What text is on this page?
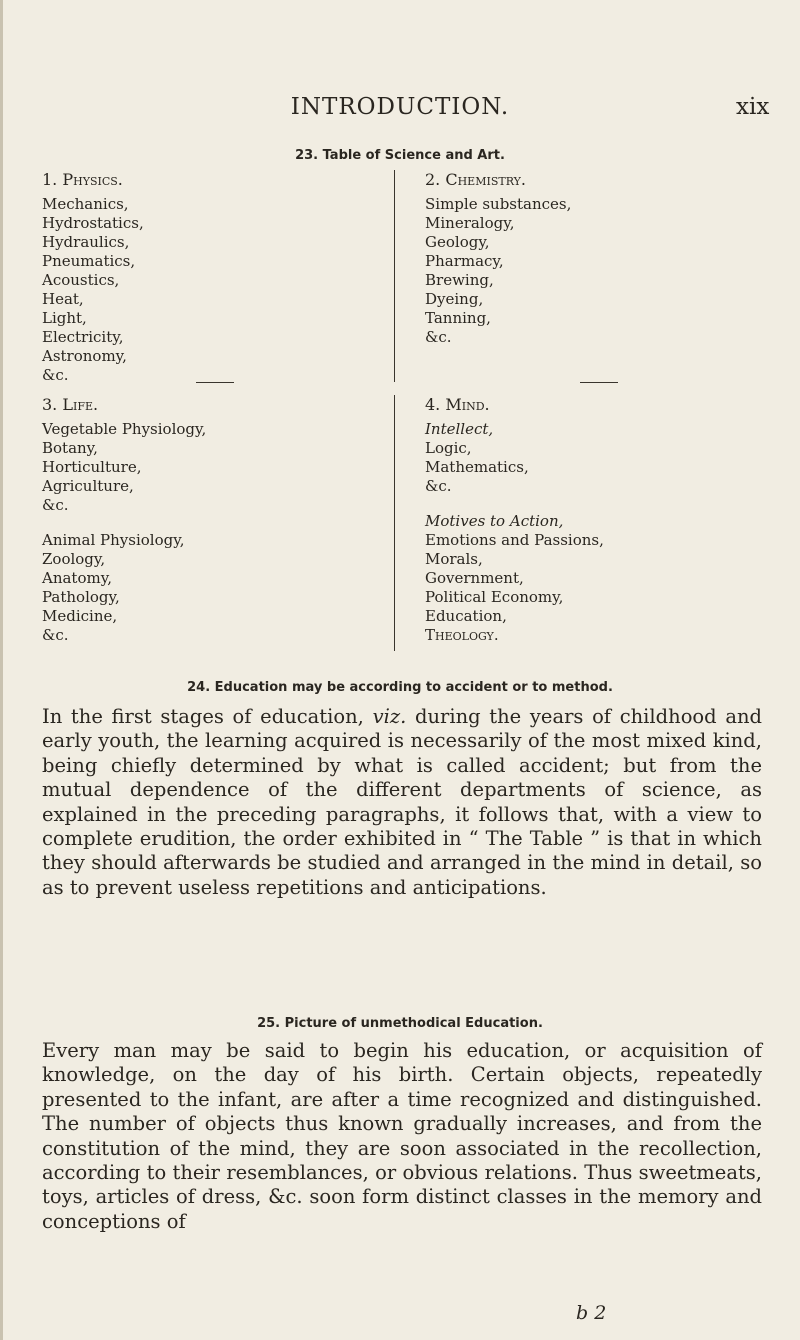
INTRODUCTION.	xix
23. Table of Science and Art.
1. Physics.
Mechanics,
Hydrostatics,
Hydraulics,
Pneumatics,
Acoustics,
Heat,
Light,
Electricity,
Astronomy,
&c.
2. Chemistry.
Simple substances,
Mineralogy,
Geology,
Pharmacy,
Brewing,
Dyeing,
Tanning,
&c.
3. Life.
Vegetable Physiology,
Botany,
Horticulture,
Agriculture,
&c.
Animal Physiology,
Zoology,
Anatomy,
Pathology,
Medicine,
&c.
4. Mind.
Intellect,
Logic,
Mathematics,
&c.
Motives to Action,
Emotions and Passions,
Morals,
Government,
Political Economy,
Education,
Theology.
24. Education may be according to accident or to method.
In the first stages of education, viz. during the years of childhood and early youth, the learning acquired is necessarily of the most mixed kind, being chiefly determined by what is called accident; but from the mutual dependence of the different departments of science, as explained in the preceding paragraphs, it follows that, with a view to complete erudition, the order exhibited in “ The Table ” is that in which they should afterwards be studied and arranged in the mind in detail, so as to prevent useless repetitions and anticipations.
25. Picture of unmethodical Education.
Every man may be said to begin his education, or acquisition of knowledge, on the day of his birth. Certain objects, repeatedly presented to the infant, are after a time recognized and distinguished. The number of objects thus known gradually increases, and from the constitution of the mind, they are soon associated in the recollection, according to their resemblances, or obvious relations. Thus sweetmeats, toys, articles of dress, &c. soon form distinct classes in the memory and conceptions of
b 2
